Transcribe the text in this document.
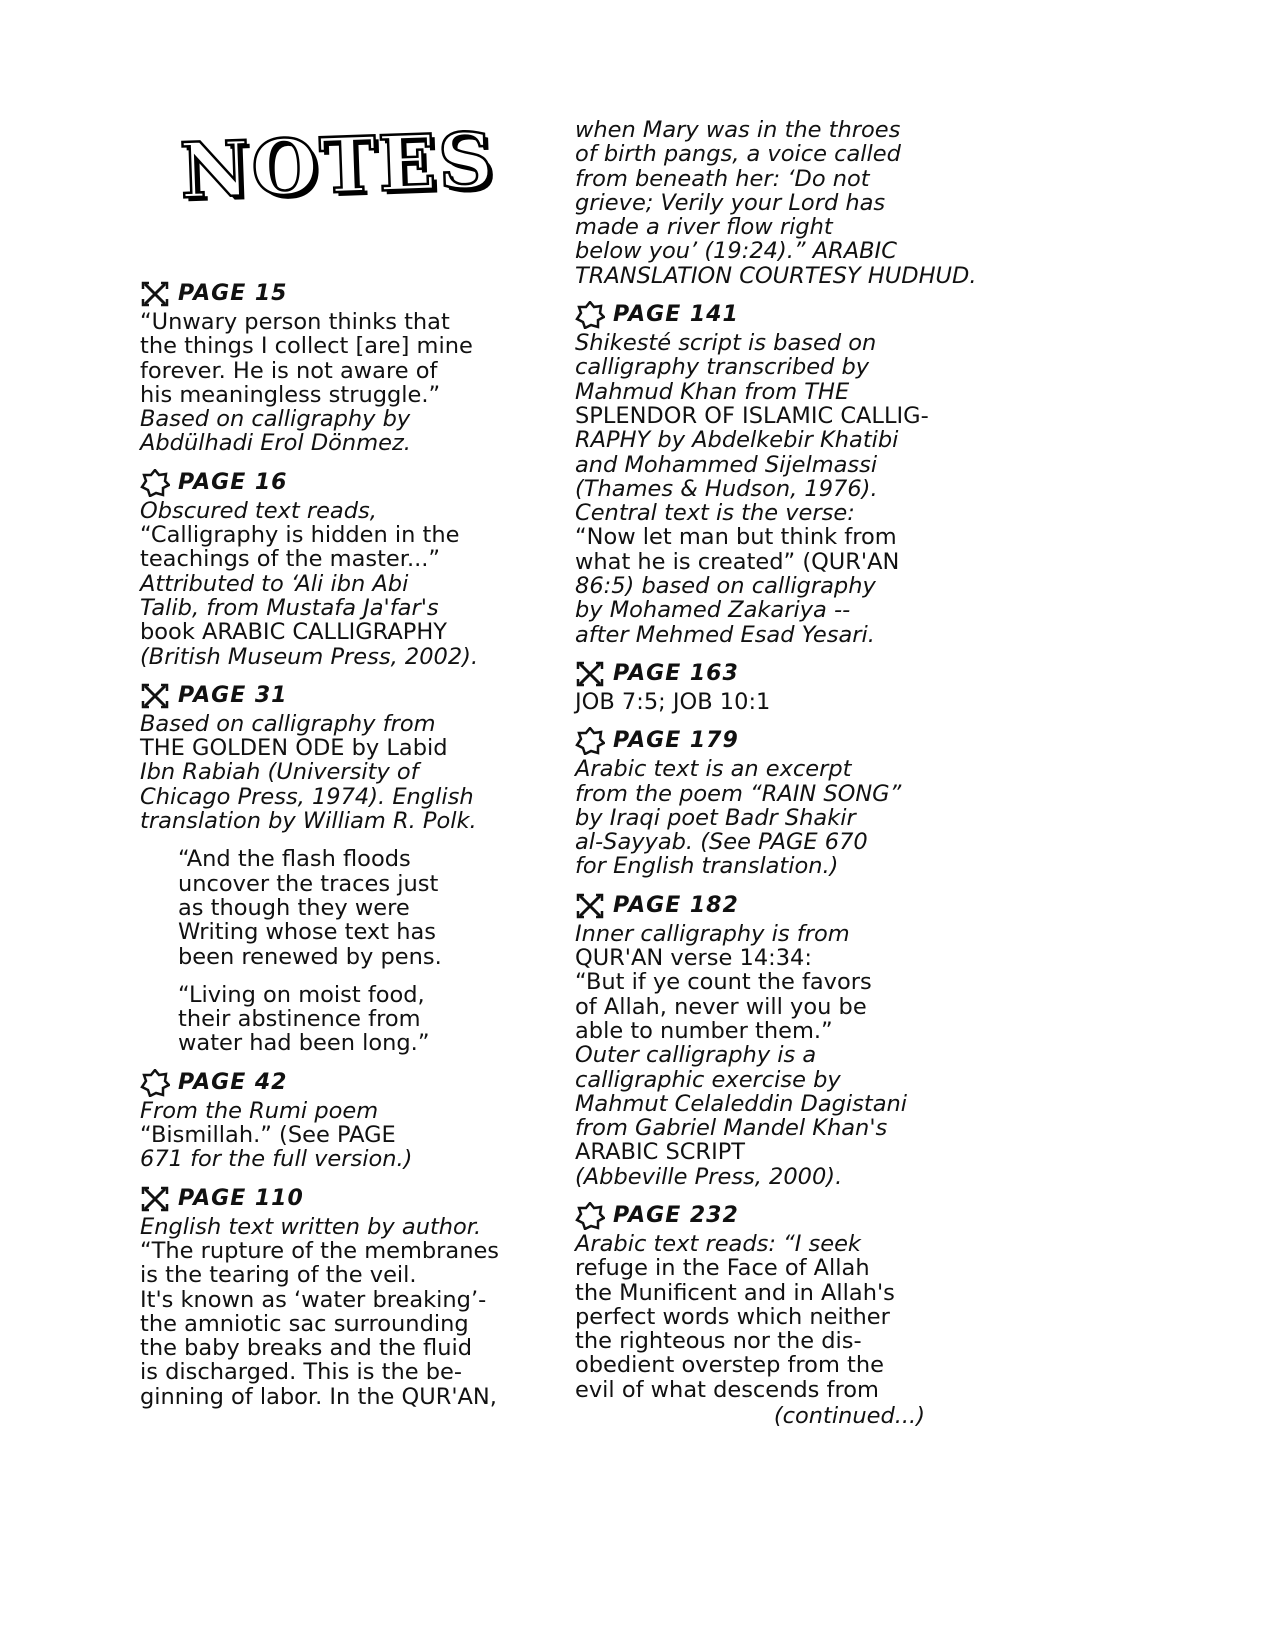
NOTES
PAGE 15
“Unwary person thinks that
the things I collect [are] mine
forever. He is not aware of
his meaningless struggle.”
Based on calligraphy by
Abdülhadi Erol Dönmez.
PAGE 16
Obscured text reads,
“Calligraphy is hidden in the
teachings of the master...”
Attributed to ‘Ali ibn Abi
Talib, from Mustafa Ja'far's
book ARABIC CALLIGRAPHY
(British Museum Press, 2002).
PAGE 31
Based on calligraphy from
THE GOLDEN ODE by Labid
Ibn Rabiah (University of
Chicago Press, 1974). English
translation by William R. Polk.
“And the flash floods
uncover the traces just
as though they were
Writing whose text has
been renewed by pens.
“Living on moist food,
their abstinence from
water had been long.”
PAGE 42
From the Rumi poem
“Bismillah.” (See PAGE
671 for the full version.)
PAGE 110
English text written by author.
“The rupture of the membranes
is the tearing of the veil.
It's known as ‘water breaking’-
the amniotic sac surrounding
the baby breaks and the fluid
is discharged. This is the be-
ginning of labor. In the QUR'AN,
when Mary was in the throes
of birth pangs, a voice called
from beneath her: ‘Do not
grieve; Verily your Lord has
made a river flow right
below you’ (19:24).” ARABIC
TRANSLATION COURTESY HUDHUD.
PAGE 141
Shikesté script is based on
calligraphy transcribed by
Mahmud Khan from THE
SPLENDOR OF ISLAMIC CALLIG-
RAPHY by Abdelkebir Khatibi
and Mohammed Sijelmassi
(Thames & Hudson, 1976).
Central text is the verse:
“Now let man but think from
what he is created” (QUR'AN
86:5) based on calligraphy
by Mohamed Zakariya --
after Mehmed Esad Yesari.
PAGE 163
JOB 7:5; JOB 10:1
PAGE 179
Arabic text is an excerpt
from the poem “RAIN SONG”
by Iraqi poet Badr Shakir
al-Sayyab. (See PAGE 670
for English translation.)
PAGE 182
Inner calligraphy is from
QUR'AN verse 14:34:
“But if ye count the favors
of Allah, never will you be
able to number them.”
Outer calligraphy is a
calligraphic exercise by
Mahmut Celaleddin Dagistani
from Gabriel Mandel Khan's
ARABIC SCRIPT
(Abbeville Press, 2000).
PAGE 232
Arabic text reads: “I seek
refuge in the Face of Allah
the Munificent and in Allah's
perfect words which neither
the righteous nor the dis-
obedient overstep from the
evil of what descends from
(continued...)
